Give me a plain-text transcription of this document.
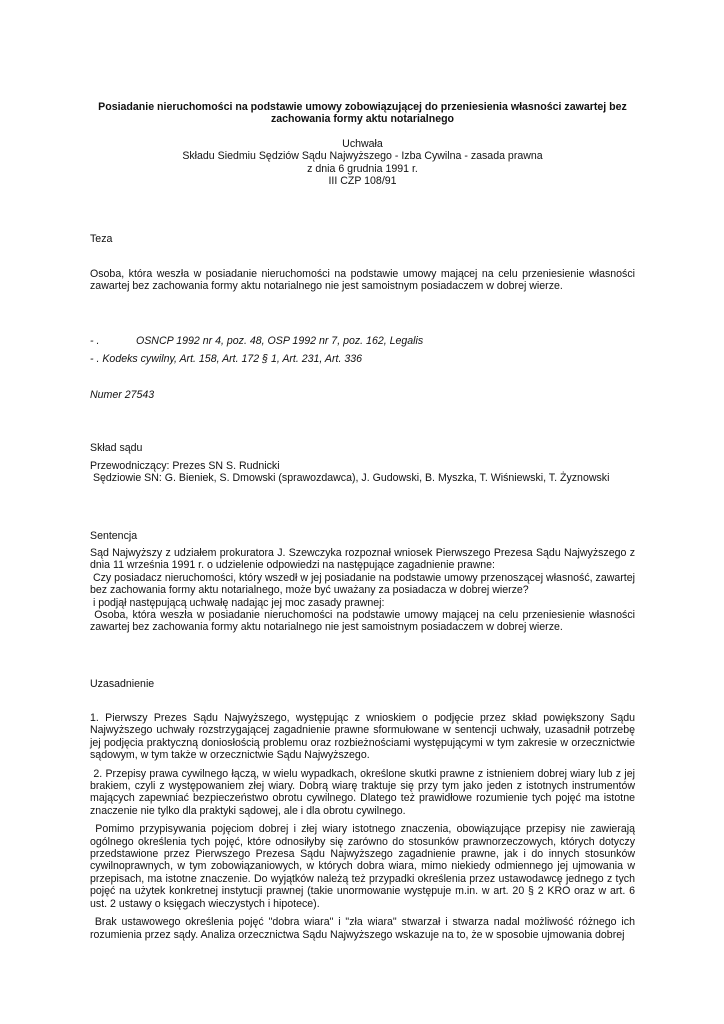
Posiadanie nieruchomości na podstawie umowy zobowiązującej do przeniesienia własności zawartej bez zachowania formy aktu notarialnego

Uchwała

Składu Siedmiu Sędziów Sądu Najwyższego - Izba Cywilna - zasada prawna

z dnia 6 grudnia 1991 r.

III CZP 108/91

Teza
Osoba, która weszła w posiadanie nieruchomości na podstawie umowy mającej na celu przeniesienie własności zawartej bez zachowania formy aktu notarialnego nie jest samoistnym posiadaczem w dobrej wierze.
- .	OSNCP 1992 nr 4, poz. 48, OSP 1992 nr 7, poz. 162, Legalis
- . Kodeks cywilny, Art. 158, Art. 172 § 1, Art. 231, Art. 336
Numer 27543
Skład sądu
Przewodniczący: Prezes SN S. Rudnicki
Sędziowie SN: G. Bieniek, S. Dmowski (sprawozdawca), J. Gudowski, B. Myszka, T. Wiśniewski, T. Żyznowski
Sentencja

Sąd Najwyższy z udziałem prokuratora J. Szewczyka rozpoznał wniosek Pierwszego Prezesa Sądu Najwyższego z dnia 11 września 1991 r. o udzielenie odpowiedzi na następujące zagadnienie prawne:

Czy posiadacz nieruchomości, który wszedł w jej posiadanie na podstawie umowy przenoszącej własność, zawartej bez zachowania formy aktu notarialnego, może być uważany za posiadacza w dobrej wierze?

i podjął następującą uchwałę nadając jej moc zasady prawnej:

Osoba, która weszła w posiadanie nieruchomości na podstawie umowy mającej na celu przeniesienie własności zawartej bez zachowania formy aktu notarialnego nie jest samoistnym posiadaczem w dobrej wierze.

Uzasadnienie

1. Pierwszy Prezes Sądu Najwyższego, występując z wnioskiem o podjęcie przez skład powiększony Sądu Najwyższego uchwały rozstrzygającej zagadnienie prawne sformułowane w sentencji uchwały, uzasadnił potrzebę jej podjęcia praktyczną doniosłością problemu oraz rozbieżnościami występującymi w tym zakresie w orzecznictwie sądowym, w tym także w orzecznictwie Sądu Najwyższego.

2. Przepisy prawa cywilnego łączą, w wielu wypadkach, określone skutki prawne z istnieniem dobrej wiary lub z jej brakiem, czyli z występowaniem złej wiary. Dobrą wiarę traktuje się przy tym jako jeden z istotnych instrumentów mających zapewniać bezpieczeństwo obrotu cywilnego. Dlatego też prawidłowe rozumienie tych pojęć ma istotne znaczenie nie tylko dla praktyki sądowej, ale i dla obrotu cywilnego.

Pomimo przypisywania pojęciom dobrej i złej wiary istotnego znaczenia, obowiązujące przepisy nie zawierają ogólnego określenia tych pojęć, które odnosiłyby się zarówno do stosunków prawnorzeczowych, których dotyczy przedstawione przez Pierwszego Prezesa Sądu Najwyższego zagadnienie prawne, jak i do innych stosunków cywilnoprawnych, w tym zobowiązaniowych, w których dobra wiara, mimo niekiedy odmiennego jej ujmowania w przepisach, ma istotne znaczenie. Do wyjątków należą też przypadki określenia przez ustawodawcę jednego z tych pojęć na użytek konkretnej instytucji prawnej (takie unormowanie występuje m.in. w art. 20 § 2 KRO oraz w art. 6 ust. 2 ustawy o księgach wieczystych i hipotece).

Brak ustawowego określenia pojęć "dobra wiara" i "zła wiara" stwarzał i stwarza nadal możliwość różnego ich rozumienia przez sądy. Analiza orzecznictwa Sądu Najwyższego wskazuje na to, że w sposobie ujmowania dobrej
